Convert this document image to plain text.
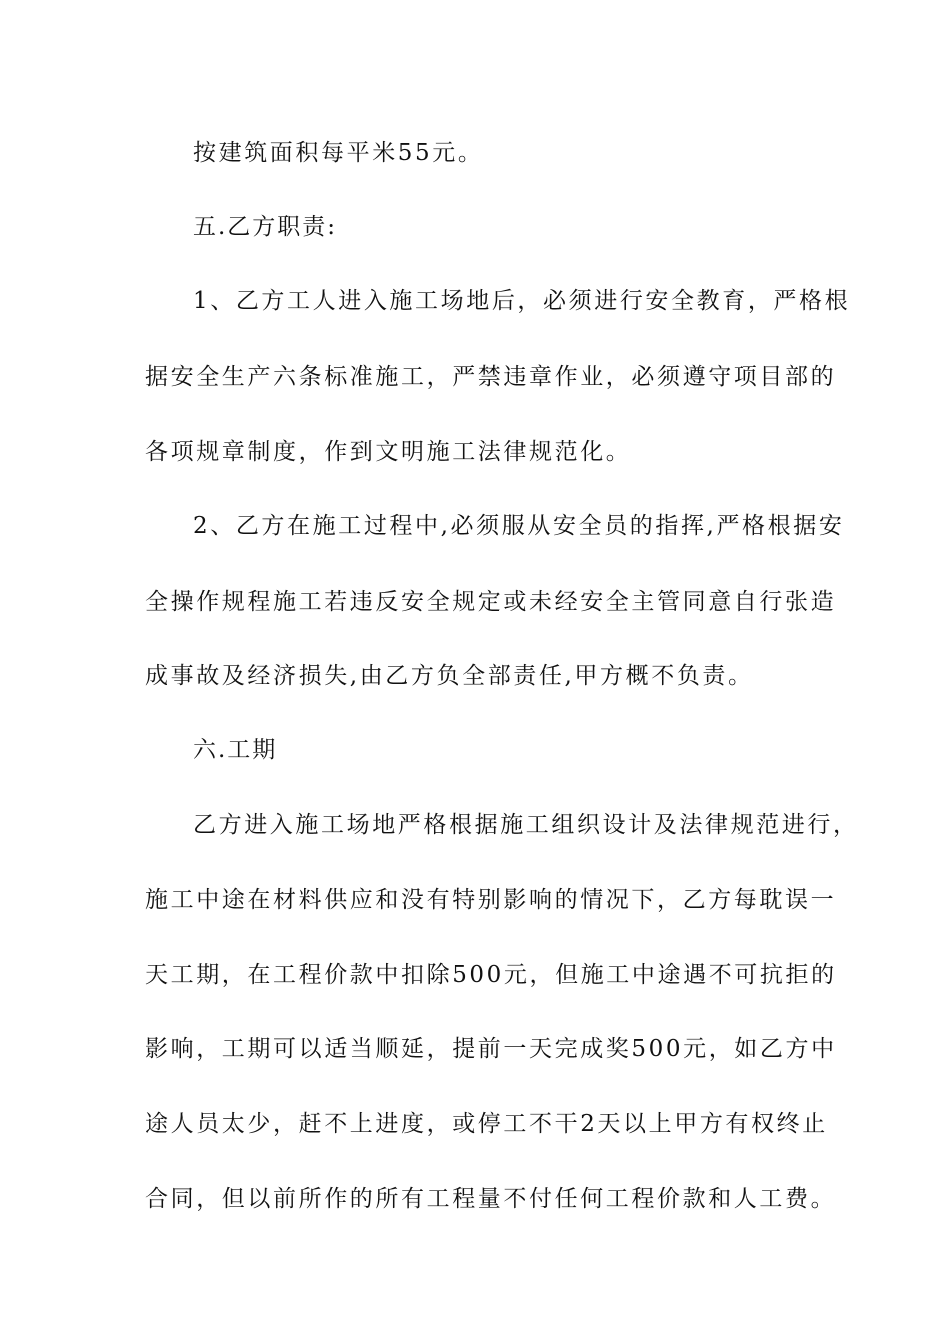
按建筑面积每平米55元。
五.乙方职责:
1、乙方工人进入施工场地后，必须进行安全教育，严格根
据安全生产六条标准施工，严禁违章作业，必须遵守项目部的
各项规章制度，作到文明施工法律规范化。
2、乙方在施工过程中,必须服从安全员的指挥,严格根据安
全操作规程施工若违反安全规定或未经安全主管同意自行张造
成事故及经济损失,由乙方负全部责任,甲方概不负责。
六.工期
乙方进入施工场地严格根据施工组织设计及法律规范进行，
施工中途在材料供应和没有特别影响的情况下，乙方每耽误一
天工期，在工程价款中扣除500元，但施工中途遇不可抗拒的
影响，工期可以适当顺延，提前一天完成奖500元，如乙方中
途人员太少，赶不上进度，或停工不干2天以上甲方有权终止
合同，但以前所作的所有工程量不付任何工程价款和人工费。
